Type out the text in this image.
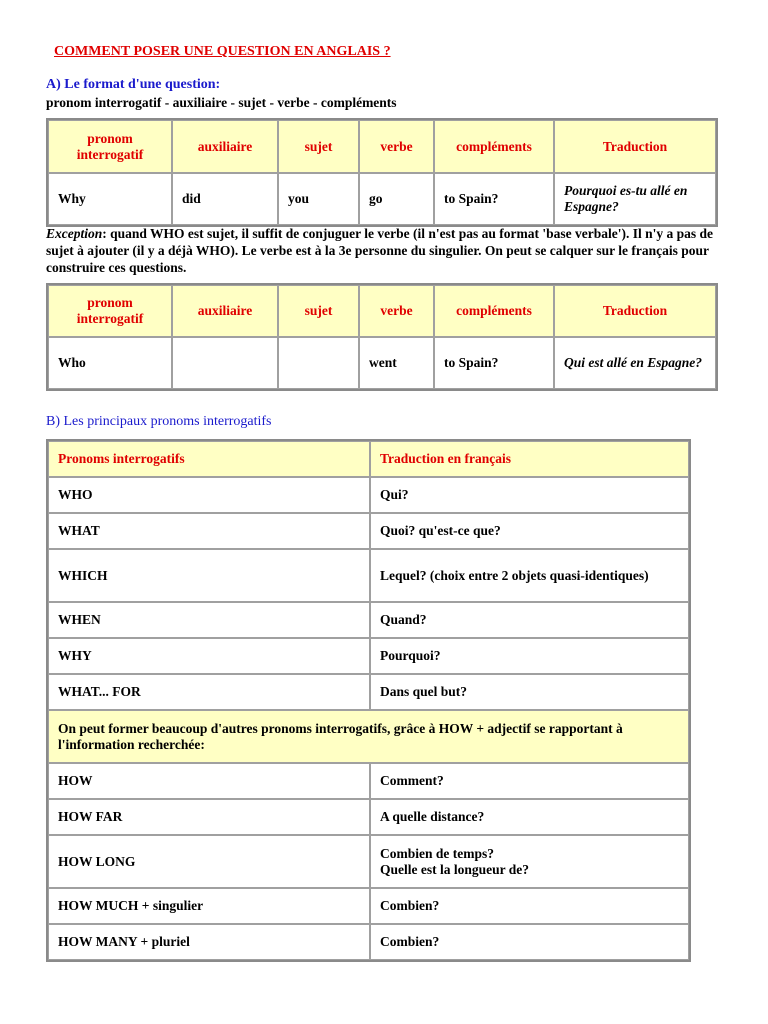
COMMENT POSER UNE QUESTION EN ANGLAIS ?
A) Le format d'une question:
pronom interrogatif - auxiliaire - sujet - verbe - compléments
pronom interrogatif	auxiliaire	sujet	verbe	compléments	Traduction
Why	did	you	go	to Spain?	Pourquoi es-tu allé en Espagne?
Exception: quand WHO est sujet, il suffit de conjuguer le verbe (il n'est pas au format 'base verbale'). Il n'y a pas de sujet à ajouter (il y a déjà WHO). Le verbe est à la 3e personne du singulier. On peut se calquer sur le français pour construire ces questions.
pronom interrogatif	auxiliaire	sujet	verbe	compléments	Traduction
Who			went	to Spain?	Qui est allé en Espagne?
B) Les principaux pronoms interrogatifs
Pronoms interrogatifs	Traduction en français
WHO	Qui?
WHAT	Quoi? qu'est-ce que?
WHICH	Lequel? (choix entre 2 objets quasi-identiques)
WHEN	Quand?
WHY	Pourquoi?
WHAT... FOR	Dans quel but?
On peut former beaucoup d'autres pronoms interrogatifs, grâce à HOW + adjectif se rapportant à l'information recherchée:	
HOW	Comment?
HOW FAR	A quelle distance?
HOW LONG	Combien de temps?
Quelle est la longueur de?
HOW MUCH + singulier	Combien?
HOW MANY + pluriel	Combien?
